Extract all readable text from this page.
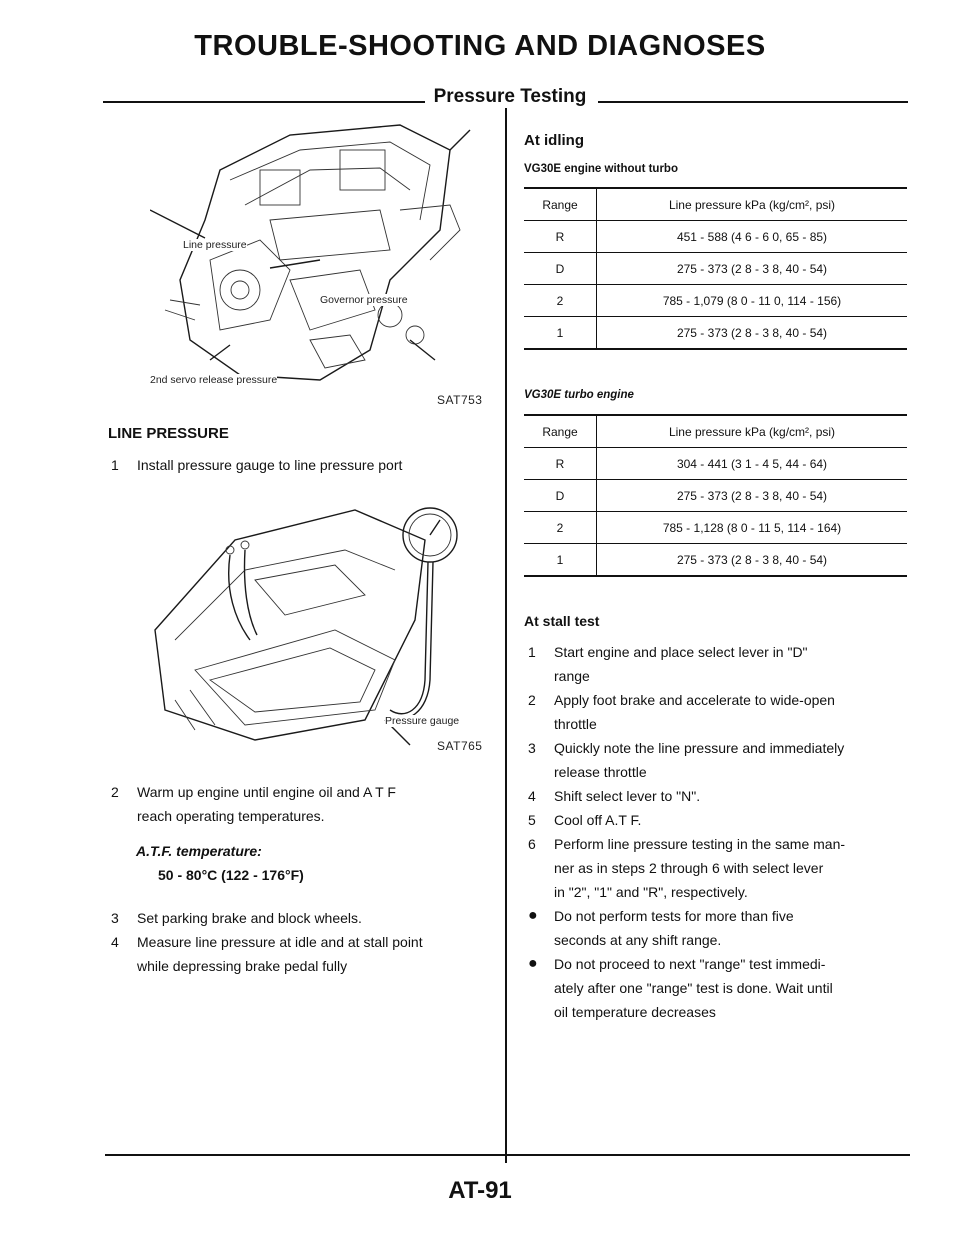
TROUBLE-SHOOTING AND DIAGNOSES
Pressure Testing
Line pressure
Governor pressure
2nd servo release pressure
SAT753
LINE PRESSURE
1	Install pressure gauge to line pressure port
Pressure gauge
SAT765
2	Warm up engine until engine oil and A T F
reach operating temperatures.
A.T.F. temperature:
50 - 80°C (122 - 176°F)
3	Set parking brake and block wheels.
4	Measure line pressure at idle and at stall point
while depressing brake pedal fully
At idling
VG30E engine without turbo
Range	Line pressure kPa (kg/cm², psi)
R	451 - 588 (4 6 - 6 0, 65 - 85)
D	275 - 373 (2 8 - 3 8, 40 - 54)
2	785 - 1,079 (8 0 - 11 0, 114 - 156)
1	275 - 373 (2 8 - 3 8, 40 - 54)
VG30E turbo engine
Range	Line pressure kPa (kg/cm², psi)
R	304 - 441 (3 1 - 4 5, 44 - 64)
D	275 - 373 (2 8 - 3 8, 40 - 54)
2	785 - 1,128 (8 0 - 11 5, 114 - 164)
1	275 - 373 (2 8 - 3 8, 40 - 54)
At stall test
1	Start engine and place select lever in "D"
range
2	Apply foot brake and accelerate to wide-open
throttle
3	Quickly note the line pressure and immediately
release throttle
4	Shift select lever to "N".
5	Cool off A.T F.
6	Perform line pressure testing in the same man-
ner as in steps 2 through 6 with select lever
in "2", "1" and "R", respectively.
●	Do not perform tests for more than five
seconds at any shift range.
●	Do not proceed to next "range" test immedi-
ately after one "range" test is done. Wait until
oil temperature decreases
AT-91
